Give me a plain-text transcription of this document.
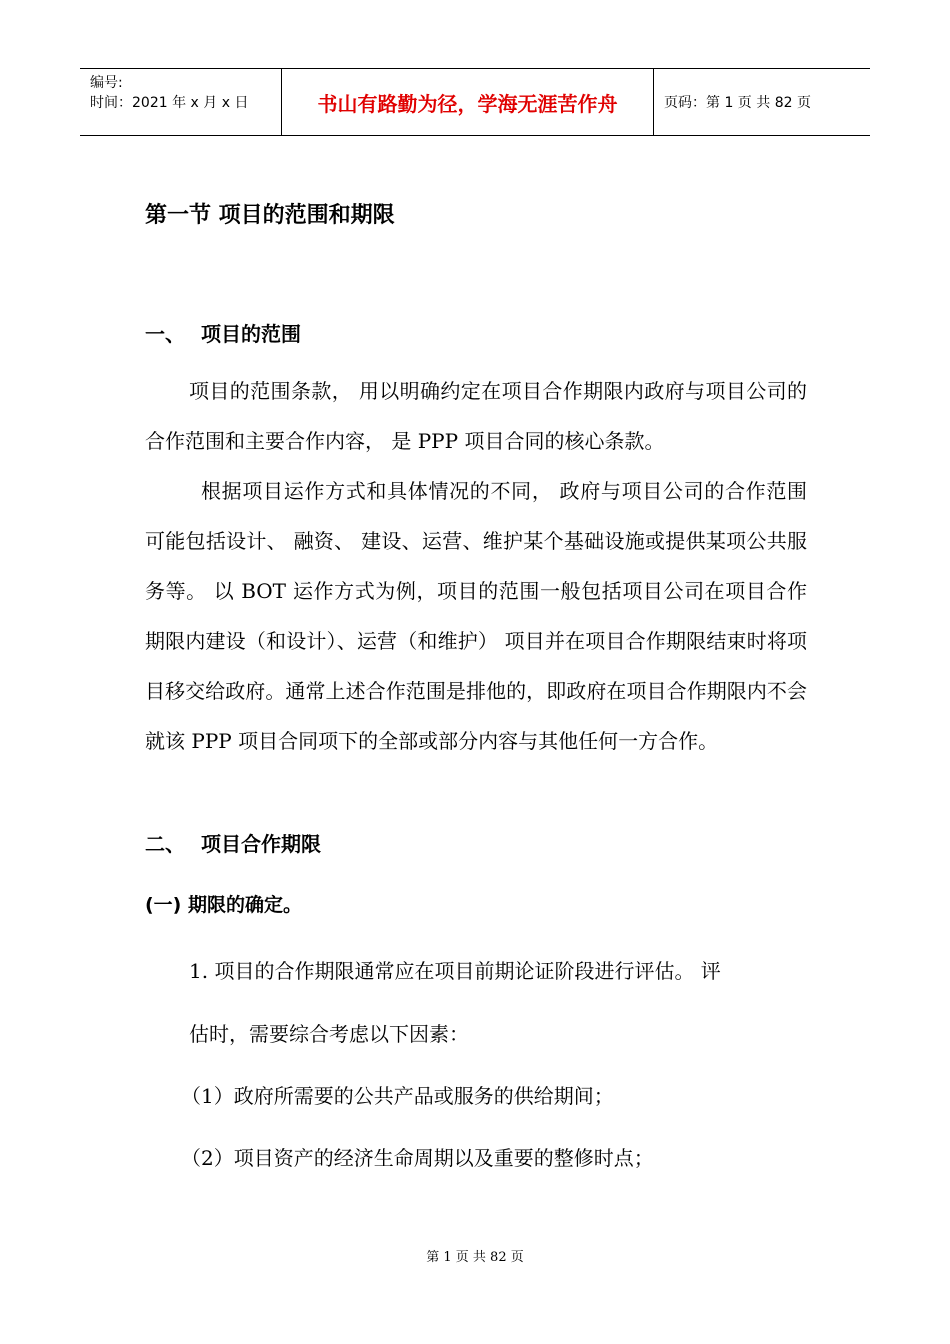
编号:
时间：2021 年 x 月 x 日	书山有路勤为径，学海无涯苦作舟	页码：第 1 页 共 82 页
第一节 项目的范围和期限
一、 项目的范围
项目的范围条款， 用以明确约定在项目合作期限内政府与项目公司的合作范围和主要合作内容， 是 PPP 项目合同的核心条款。
根据项目运作方式和具体情况的不同， 政府与项目公司的合作范围可能包括设计、 融资、 建设、运营、维护某个基础设施或提供某项公共服务等。 以 BOT 运作方式为例，项目的范围一般包括项目公司在项目合作期限内建设（和设计）、运营（和维护） 项目并在项目合作期限结束时将项目移交给政府。通常上述合作范围是排他的，即政府在项目合作期限内不会就该 PPP 项目合同项下的全部或部分内容与其他任何一方合作。
二、 项目合作期限
(一) 期限的确定。
1. 项目的合作期限通常应在项目前期论证阶段进行评估。 评
估时，需要综合考虑以下因素：
（1）政府所需要的公共产品或服务的供给期间；
（2）项目资产的经济生命周期以及重要的整修时点；
第 1 页 共 82 页
